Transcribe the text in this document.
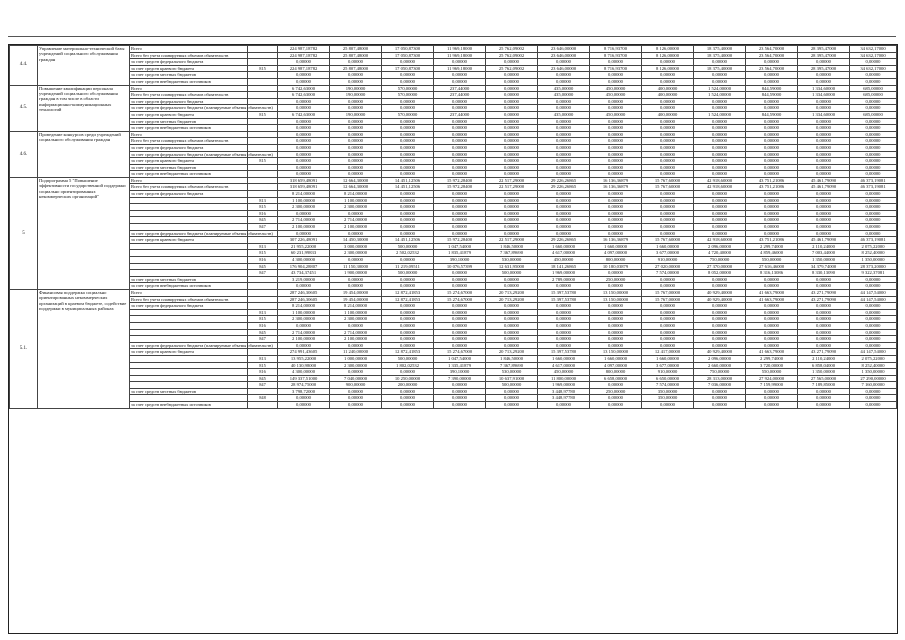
4.4.	Управление материально-технической базы учреждений социального обслуживания граждан	Всего		224 987,18782	25 807,48000	17 050,87300	11 969,18000	25 762,09002	23 646,00000	8 716,93700	8 126,00000	18 375,40000	23 564,70000	28 395,47000	34 632,17000
		Всего без учета планируемых объемов обязательств		224 987,18782	25 807,48000	17 050,87300	11 969,18000	25 762,09002	23 646,00000	8 716,93700	8 126,00000	18 375,40000	23 564,70000	28 395,47000	34 632,17000
		за счет средств федерального бюджета		0,00000	0,00000	0,00000	0,00000	0,00000	0,00000	0,00000	0,00000	0,00000	0,00000	0,00000	0,00000
		за счет средств краевого бюджета	815	224 987,18782	25 807,48000	17 050,87300	11 969,18000	25 762,09002	23 646,00000	8 716,93700	8 126,00000	18 375,40000	23 564,70000	28 395,47000	34 632,17000
		за счет средств местных бюджетов		0,00000	0,00000	0,00000	0,00000	0,00000	0,00000	0,00000	0,00000	0,00000	0,00000	0,00000	0,00000
		за счет средств внебюджетных источников		0,00000	0,00000	0,00000	0,00000	0,00000	0,00000	0,00000	0,00000	0,00000	0,00000	0,00000	0,00000
4.5.	Повышение квалификации персонала учреждений социального обслуживания граждан в том числе в области информационно-коммуникационных технологий	Всего		6 742,63000	190,00000	570,00000	237,44000	0,00000	435,00000	450,00000	400,00000	1 524,00000	844,59000	1 334,60000	685,00000
		Всего без учета планируемых объемов обязательств		6 742,63000	190,00000	570,00000	237,44000	0,00000	435,00000	450,00000	400,00000	1 524,00000	844,59000	1 334,60000	685,00000
		за счет средств федерального бюджета		0,00000	0,00000	0,00000	0,00000	0,00000	0,00000	0,00000	0,00000	0,00000	0,00000	0,00000	0,00000
		за счет средств федерального бюджета (планируемые объемы обязательств)		0,00000	0,00000	0,00000	0,00000	0,00000	0,00000	0,00000	0,00000	0,00000	0,00000	0,00000	0,00000
		за счет средств краевого бюджета	815	6 742,63000	190,00000	570,00000	237,44000	0,00000	435,00000	450,00000	400,00000	1 524,00000	844,59000	1 334,60000	685,00000
		за счет средств местных бюджетов		0,00000	0,00000	0,00000	0,00000	0,00000	0,00000	0,00000	0,00000	0,00000	0,00000	0,00000	0,00000
		за счет средств внебюджетных источников		0,00000	0,00000	0,00000	0,00000	0,00000	0,00000	0,00000	0,00000	0,00000	0,00000	0,00000	0,00000
4.6.	Проведение конкурсов среди учреждений социального обслуживания граждан	Всего		0,00000	0,00000	0,00000	0,00000	0,00000	0,00000	0,00000	0,00000	0,00000	0,00000	0,00000	0,00000
		Всего без учета планируемых объемов обязательств		0,00000	0,00000	0,00000	0,00000	0,00000	0,00000	0,00000	0,00000	0,00000	0,00000	0,00000	0,00000
		за счет средств федерального бюджета		0,00000	0,00000	0,00000	0,00000	0,00000	0,00000	0,00000	0,00000	0,00000	0,00000	0,00000	0,00000
		за счет средств федерального бюджета (планируемые объемы обязательств)		0,00000	0,00000	0,00000	0,00000	0,00000	0,00000	0,00000	0,00000	0,00000	0,00000	0,00000	0,00000
		за счет средств краевого бюджета	815	0,00000	0,00000	0,00000	0,00000	0,00000	0,00000	0,00000	0,00000	0,00000	0,00000	0,00000	0,00000
		за счет средств местных бюджетов		0,00000	0,00000	0,00000	0,00000	0,00000	0,00000	0,00000	0,00000	0,00000	0,00000	0,00000	0,00000
		за счет средств внебюджетных источников		0,00000	0,00000	0,00000	0,00000	0,00000	0,00000	0,00000	0,00000	0,00000	0,00000	0,00000	0,00000
5	Подпрограмма 5 "Повышение эффективности государственной поддержки социально ориентированных некоммерческих организаций"	Всего		318 659,48091	12 664,30000	14 451,12506	15 972,28400	22 517,29000	29 226,26865	16 136,36879	15 767,60000	42 918,60000	43 751,21086	45 461,79090	46 373,19081
		Всего без учета планируемых объемов обязательств		318 659,48091	12 664,30000	14 451,12506	15 972,28400	22 517,29000	29 226,26865	16 136,36879	15 767,60000	42 918,60000	43 751,21086	45 461,79090	46 373,19081
		за счет средств федерального бюджета		8 214,00000	8 214,00000	0,00000	0,00000	0,00000	0,00000	0,00000	0,00000	0,00000	0,00000	0,00000	0,00000
			813	1 100,00000	1 100,00000	0,00000	0,00000	0,00000	0,00000	0,00000	0,00000	0,00000	0,00000	0,00000	0,00000
			815	2 300,00000	2 300,00000	0,00000	0,00000	0,00000	0,00000	0,00000	0,00000	0,00000	0,00000	0,00000	0,00000
			816	0,00000	0,00000	0,00000	0,00000	0,00000	0,00000	0,00000	0,00000	0,00000	0,00000	0,00000	0,00000
			845	2 714,00000	2 714,00000	0,00000	0,00000	0,00000	0,00000	0,00000	0,00000	0,00000	0,00000	0,00000	0,00000
			847	2 100,00000	2 100,00000	0,00000	0,00000	0,00000	0,00000	0,00000	0,00000	0,00000	0,00000	0,00000	0,00000
		за счет средств федерального бюджета (планируемые объемы обязательств)		0,00000	0,00000	0,00000	0,00000	0,00000	0,00000	0,00000	0,00000	0,00000	0,00000	0,00000	0,00000
		за счет средств краевого бюджета		307 226,48091	14 450,30000	14 451,12506	15 972,28400	22 517,29000	29 226,26865	16 136,36879	15 767,60000	42 918,60000	43 751,21086	45 461,79090	46 373,19081
			813	21 955,22000	3 000,00000	500,00000	1 047,54000	1 846,50000	1 660,00000	1 660,00000	1 660,00000	2 096,00000	2 299,74000	2 110,24000	2 075,22000
			815	60 231,99833	2 300,00000	2 502,02532	1 835,41879	7 367,89690	4 617,00000	4 097,00000	3 677,00000	4 720,40000	4 859,46000	7 003,44000	8 252,40000
			816	4 300,00000	0,00000	0,00000	390,10000	530,00000	450,00000	800,00000	910,00000	750,00000	550,00000	1 350,00000	1 350,00000
			845	176 904,28807	11 150,30000	11 219,09511	10 076,57399	12 631,95000	18 141,26865	10 180,03879	27 020,00000	27 370,00000	27 616,46000	34 379,74000	28 373,20000
			847	43 734,37451	1 900,00000	500,00000	0,00000	500,00000	1 969,00000	0,00000	7 574,00000	8 052,00000	8 316,13086	8 330,13090	9 322,37081
		за счет средств местных бюджетов		3 219,00000	0,00000	0,00000	0,00000	0,00000	2 789,00000	250,00000	0,00000	0,00000	0,00000	0,00000	0,00000
		за счет средств внебюджетных источников		0,00000	0,00000	0,00000	0,00000	0,00000	0,00000	0,00000	0,00000	0,00000	0,00000	0,00000	0,00000
5.1.	Финансовая поддержка социально ориентированных некоммерческих организаций в краевом бюджете, содействие поддержки в муниципальных районах	Всего		287 246,30605	19 454,00000	12 872,41853	15 274,67000	20 713,29200	15 397,53780	13 150,00000	15 767,00000	40 929,40000	41 663,79000	43 271,79090	44 147,54000
		Всего без учета планируемых объемов обязательств		287 246,30605	19 454,00000	12 872,41853	15 274,67000	20 713,29200	15 397,53780	13 150,00000	15 767,00000	40 929,40000	41 663,79000	43 271,79090	44 147,54000
		за счет средств федерального бюджета		8 214,00000	8 214,00000	0,00000	0,00000	0,00000	0,00000	0,00000	0,00000	0,00000	0,00000	0,00000	0,00000
			813	1 100,00000	1 100,00000	0,00000	0,00000	0,00000	0,00000	0,00000	0,00000	0,00000	0,00000	0,00000	0,00000
			815	2 300,00000	2 300,00000	0,00000	0,00000	0,00000	0,00000	0,00000	0,00000	0,00000	0,00000	0,00000	0,00000
			816	0,00000	0,00000	0,00000	0,00000	0,00000	0,00000	0,00000	0,00000	0,00000	0,00000	0,00000	0,00000
			845	2 714,00000	2 714,00000	0,00000	0,00000	0,00000	0,00000	0,00000	0,00000	0,00000	0,00000	0,00000	0,00000
			847	2 100,00000	2 100,00000	0,00000	0,00000	0,00000	0,00000	0,00000	0,00000	0,00000	0,00000	0,00000	0,00000
		за счет средств федерального бюджета (планируемые объемы обязательств)		0,00000	0,00000	0,00000	0,00000	0,00000	0,00000	0,00000	0,00000	0,00000	0,00000	0,00000	0,00000
		за счет средств краевого бюджета		274 991,43605	11 240,00000	12 872,41853	15 274,67000	20 713,29200	15 397,53780	13 150,00000	12 417,00000	40 929,40000	41 663,79000	43 271,79090	44 147,54000
			813	13 955,22000	1 000,00000	500,00000	1 047,54000	1 846,50000	1 660,00000	1 660,00000	1 660,00000	2 096,00000	2 299,74000	2 110,24000	2 075,22000
			815	40 130,98000	2 300,00000	1 802,02532	1 335,41879	7 367,89690	4 617,00000	4 097,00000	3 677,00000	2 660,00000	3 720,00000	6 858,04000	8 252,40000
			816	4 300,00000	0,00000	0,00000	390,10000	530,00000	450,00000	800,00000	910,00000	750,00000	550,00000	1 350,00000	1 350,00000
			845	149 337,51000	7 040,00000	10 250,00000	7 390,00000	10 637,91000	11 800,00000	6 658,00000	6 650,00000	28 313,00000	27 924,00000	27 565,00000	27 290,00000
			847	28 974,75000	900,00000	200,00000	0,00000	500,00000	1 969,00000	0,00000	7 574,00000	7 036,00000	7 159,99000	7 189,85000	7 160,00000
		за счет средств местных бюджетов		3 798,72000	0,00000	0,00000	0,00000	0,00000	3 448,97780	250,00000	350,00000	0,00000	0,00000	0,00000	0,00000
			848	0,00000	0,00000	0,00000	0,00000	0,00000	3 448,97780	0,00000	350,00000	0,00000	0,00000	0,00000	0,00000
		за счет средств внебюджетных источников		0,00000	0,00000	0,00000	0,00000	0,00000	0,00000	0,00000	0,00000	0,00000	0,00000	0,00000	0,00000
